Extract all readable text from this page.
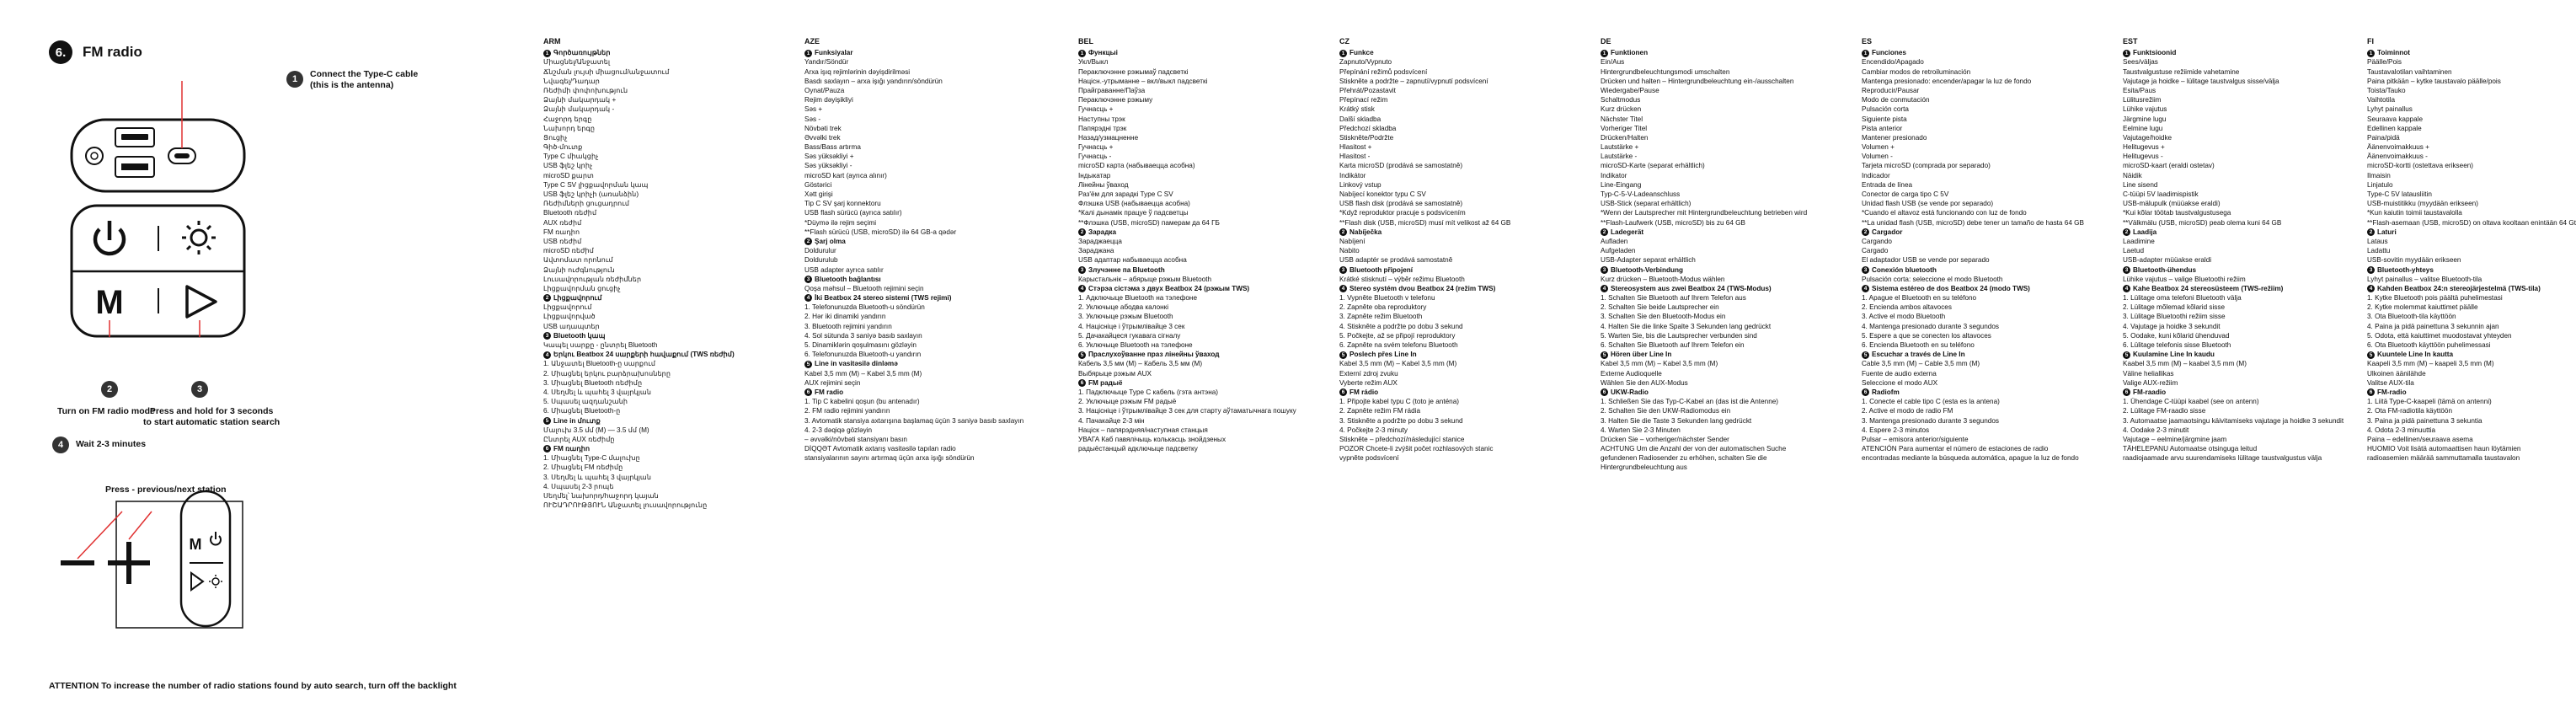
6.	FM radio
M
M
1	Connect the Type-C cable
(this is the antenna)
2
Turn on FM radio mode
3
Press and hold for 3 seconds
to start automatic station search
4	Wait 2-3 minutes
Press - previous/next station
ATTENTION To increase the number of radio stations found by auto search, turn off the backlight
ARM
1 Գործառույթներ
Միացնել/Անջատել
Ճնշման լույսի միացում/անջատում
Նվագել/Դադար
Ռեժիմի փոփոխություն
Ձայնի մակարդակ +
Ձայնի մակարդակ -
Հաջորդ երգը
Նախորդ երգը
Ցուցիչ
Գիծ-մուտք
Type C միակցիչ
USB ֆլեշ կրիչ
microSD քարտ
Type C SV լիցքավորման կապ
USB ֆլեշ կրիչի (առանձին)
Ռեժիմների ցուցադրում
Bluetooth ռեժիմ
AUX ռեժիմ
FM ռադիո
USB ռեժիմ
microSD ռեժիմ
Ավտոմատ որոնում
Ձայնի ուժգնություն
Լուսավորության ռեժիմներ
Լիցքավորման ցուցիչ
2 Լիցքավորում
Լիցքավորում
Լիցքավորված
USB ադապտեր
3 Bluetooth կապ
Կապել սարքը - ընտրել Bluetooth
4 Երկու Beatbox 24 սարքերի հավաքում (TWS ռեժիմ)
1. Անջատել Bluetooth-ը սարքում
2. Միացնել երկու բարձրախոսները
3. Միացնել Bluetooth ռեժիմը
4. Սեղմել և պահել 3 վայրկյան
5. Սպասել ազդանշանի
6. Միացնել Bluetooth-ը
5 Line in մուտք
Մալուխ 3.5 մմ (M) — 3.5 մմ (M)
Ընտրել AUX ռեժիմը
6 FM ռադիո
1. Միացնել Type-C մալուխը
2. Միացնել FM ռեժիմը
3. Սեղմել և պահել 3 վայրկյան
4. Սպասել 2-3 րոպե
Սեղմել՝ նախորդ/հաջորդ կայան
ՈՒՇԱԴՐՈՒԹՅՈՒՆ Անջատել լուսավորությունը
AZE
1 Funksiyalar
Yandır/Söndür
Arxa işıq rejimlərinin dəyişdirilməsi
Basdı saxlayın – arxa işığı yandırın/söndürün
Oynat/Pauza
Rejim dəyişikliyi
Səs +
Səs -
Növbəti trek
Əvvəlki trek
Bass/Bass artırma
Səs yüksəkliyi +
Səs yüksəkliyi -
microSD kart (ayrıca alınır)
Göstərici
Xətt girişi
Tip C SV şarj konnektoru
USB flash sürücü (ayrıca satılır)
*Düymə ilə rejim seçimi
**Flash sürücü (USB, microSD) ilə 64 GB-a qədər
2 Şarj olma
Doldurulur
Doldurulub
USB adapter ayrıca satılır
3 Bluetooth bağlantısı
Qoşa məhsul – Bluetooth rejimini seçin
4 İki Beatbox 24 stereo sistemi (TWS rejimi)
1. Telefonunuzda Bluetooth-u söndürün
2. Hər iki dinamiki yandırın
3. Bluetooth rejimini yandırın
4. Sol sütunda 3 saniyə basıb saxlayın
5. Dinamiklərin qoşulmasını gözləyin
6. Telefonunuzda Bluetooth-u yandırın
5 Line in vasitəsilə dinləmə
Kabel 3,5 mm (M) – Kabel 3,5 mm (M)
AUX rejimini seçin
6 FM radio
1. Tip C kabelini qoşun (bu antenadır)
2. FM radio rejimini yandırın
3. Avtomatik stansiya axtarışına başlamaq üçün 3 saniyə basıb saxlayın
4. 2-3 dəqiqə gözləyin
– əvvəlki/növbəti stansiyanı basın
DİQQƏT Avtomatik axtarış vasitəsilə tapılan radio
stansiyalarının sayını artırmaq üçün arxa işığı söndürün
BEL
1 Функцыі
Укл/Выкл
Пераключэнне рэжымаў падсветкі
Націсн.-утрыманне – вкл/выкл падсветкі
Прайграванне/Паўза
Пераключэнне рэжыму
Гучнасць +
Наступны трэк
Папярэдні трэк
Назад/узмацненне
Гучнасць +
Гучнасць -
microSD карта (набываецца асобна)
Індыкатар
Лінейны ўваход
Раз'ём для зарадкі Type C SV
Флэшка USB (набываецца асобна)
*Калі дынамік працуе ў падсветцы
**Флэшка (USB, microSD) памерам да 64 ГБ
2 Зарадка
Зараджаецца
Зараджана
USB адаптар набываецца асобна
3 Злучэнне па Bluetooth
Карыстальнік – абярыце рэжым Bluetooth
4 Стэрэа сістэма з двух Beatbox 24 (рэжым TWS)
1. Адключыце Bluetooth на тэлефоне
2. Уключыце абодва калонкі
3. Уключыце рэжым Bluetooth
4. Націсніце і ўтрымлівайце 3 сек
5. Дачакайцеся гукавага сігналу
6. Уключыце Bluetooth на тэлефоне
5 Праслухоўванне праз лінейны ўваход
Кабель 3,5 мм (M) – Кабель 3,5 мм (M)
Выбярыце рэжым AUX
6 FM радыё
1. Падключыце Type C кабель (гэта антэна)
2. Уключыце рэжым FM радыё
3. Націсніце і ўтрымлівайце 3 сек для старту аўтаматычнага пошуку
4. Пачакайце 2-3 мін
Націск – папярэдняя/наступная станцыя
УВАГА Каб павялічыць колькасць знойдзеных
радыёстанцый адключыце падсветку
CZ
1 Funkce
Zapnuto/Vypnuto
Přepínání režimů podsvícení
Stiskněte a podržte – zapnutí/vypnutí podsvícení
Přehrát/Pozastavit
Přepínací režim
Krátký stisk
Další skladba
Předchozí skladba
Stiskněte/Podržte
Hlasitost +
Hlasitost -
Karta microSD (prodává se samostatně)
Indikátor
Linkový vstup
Nabíjecí konektor typu C SV
USB flash disk (prodává se samostatně)
*Když reproduktor pracuje s podsvícením
**Flash disk (USB, microSD) musí mít velikost až 64 GB
2 Nabíječka
Nabíjení
Nabito
USB adaptér se prodává samostatně
3 Bluetooth připojení
Krátké stisknutí – výběr režimu Bluetooth
4 Stereo systém dvou Beatbox 24 (režim TWS)
1. Vypněte Bluetooth v telefonu
2. Zapněte oba reproduktory
3. Zapněte režim Bluetooth
4. Stiskněte a podržte po dobu 3 sekund
5. Počkejte, až se připojí reproduktory
6. Zapněte na svém telefonu Bluetooth
5 Poslech přes Line In
Kabel 3,5 mm (M) – Kabel 3,5 mm (M)
Externí zdroj zvuku
Vyberte režim AUX
6 FM rádio
1. Připojte kabel typu C (toto je anténa)
2. Zapněte režim FM rádia
3. Stiskněte a podržte po dobu 3 sekund
4. Počkejte 2-3 minuty
Stiskněte – předchozí/následující stanice
POZOR Chcete-li zvýšit počet rozhlasových stanic
vypněte podsvícení
DE
1 Funktionen
Ein/Aus
Hintergrundbeleuchtungsmodi umschalten
Drücken und halten – Hintergrundbeleuchtung ein-/ausschalten
Wiedergabe/Pause
Schaltmodus
Kurz drücken
Nächster Titel
Vorheriger Titel
Drücken/Halten
Lautstärke +
Lautstärke -
microSD-Karte (separat erhältlich)
Indikator
Line-Eingang
Typ-C-5-V-Ladeanschluss
USB-Stick (separat erhältlich)
*Wenn der Lautsprecher mit Hintergrundbeleuchtung betrieben wird
**Flash-Laufwerk (USB, microSD) bis zu 64 GB
2 Ladegerät
Aufladen
Aufgeladen
USB-Adapter separat erhältlich
3 Bluetooth-Verbindung
Kurz drücken – Bluetooth-Modus wählen
4 Stereosystem aus zwei Beatbox 24 (TWS-Modus)
1. Schalten Sie Bluetooth auf Ihrem Telefon aus
2. Schalten Sie beide Lautsprecher ein
3. Schalten Sie den Bluetooth-Modus ein
4. Halten Sie die linke Spalte 3 Sekunden lang gedrückt
5. Warten Sie, bis die Lautsprecher verbunden sind
6. Schalten Sie Bluetooth auf Ihrem Telefon ein
5 Hören über Line In
Kabel 3,5 mm (M) – Kabel 3,5 mm (M)
Externe Audioquelle
Wählen Sie den AUX-Modus
6 UKW-Radio
1. Schließen Sie das Typ-C-Kabel an (das ist die Antenne)
2. Schalten Sie den UKW-Radiomodus ein
3. Halten Sie die Taste 3 Sekunden lang gedrückt
4. Warten Sie 2-3 Minuten
Drücken Sie – vorheriger/nächster Sender
ACHTUNG Um die Anzahl der von der automatischen Suche
gefundenen Radiosender zu erhöhen, schalten Sie die
Hintergrundbeleuchtung aus
ES
1 Funciones
Encendido/Apagado
Cambiar modos de retroiluminación
Mantenga presionado: encender/apagar la luz de fondo
Reproducir/Pausar
Modo de conmutación
Pulsación corta
Siguiente pista
Pista anterior
Mantener presionado
Volumen +
Volumen -
Tarjeta microSD (comprada por separado)
Indicador
Entrada de línea
Conector de carga tipo C 5V
Unidad flash USB (se vende por separado)
*Cuando el altavoz está funcionando con luz de fondo
**La unidad flash (USB, microSD) debe tener un tamaño de hasta 64 GB
2 Cargador
Cargando
Cargado
El adaptador USB se vende por separado
3 Conexión bluetooth
Pulsación corta: seleccione el modo Bluetooth
4 Sistema estéreo de dos Beatbox 24 (modo TWS)
1. Apague el Bluetooth en su teléfono
2. Encienda ambos altavoces
3. Active el modo Bluetooth
4. Mantenga presionado durante 3 segundos
5. Espere a que se conecten los altavoces
6. Encienda Bluetooth en su teléfono
5 Escuchar a través de Line In
Cable 3,5 mm (M) – Cable 3,5 mm (M)
Fuente de audio externa
Seleccione el modo AUX
6 Radiofm
1. Conecte el cable tipo C (esta es la antena)
2. Active el modo de radio FM
3. Mantenga presionado durante 3 segundos
4. Espere 2-3 minutos
Pulsar – emisora anterior/siguiente
ATENCIÓN Para aumentar el número de estaciones de radio
encontradas mediante la búsqueda automática, apague la luz de fondo
EST
1 Funktsioonid
Sees/väljas
Taustvalgustuse režiimide vahetamine
Vajutage ja hoidke – lülitage taustvalgus sisse/välja
Esita/Paus
Lülitusrežiim
Lühike vajutus
Järgmine lugu
Eelmine lugu
Vajutage/hoidke
Helitugevus +
Helitugevus -
microSD-kaart (eraldi ostetav)
Näidik
Line sisend
C-tüüpi 5V laadimispistik
USB-mälupulk (müüakse eraldi)
*Kui kõlar töötab taustvalgustusega
**Välkmälu (USB, microSD) peab olema kuni 64 GB
2 Laadija
Laadimine
Laetud
USB-adapter müüakse eraldi
3 Bluetooth-ühendus
Lühike vajutus – valige Bluetoothi režiim
4 Kahe Beatbox 24 stereosüsteem (TWS-režiim)
1. Lülitage oma telefoni Bluetooth välja
2. Lülitage mõlemad kõlarid sisse
3. Lülitage Bluetoothi režiim sisse
4. Vajutage ja hoidke 3 sekundit
5. Oodake, kuni kõlarid ühenduvad
6. Lülitage telefonis sisse Bluetooth
5 Kuulamine Line In kaudu
Kaabel 3,5 mm (M) – kaabel 3,5 mm (M)
Väline heliallikas
Valige AUX-režiim
6 FM-raadio
1. Ühendage C-tüüpi kaabel (see on antenn)
2. Lülitage FM-raadio sisse
3. Automaatse jaamaotsingu käivitamiseks vajutage ja hoidke 3 sekundit
4. Oodake 2-3 minutit
Vajutage – eelmine/järgmine jaam
TÄHELEPANU Automaatse otsinguga leitud
raadiojaamade arvu suurendamiseks lülitage taustvalgustus välja
FI
1 Toiminnot
Päälle/Pois
Taustavalotilan vaihtaminen
Paina pitkään – kytke taustavalo päälle/pois
Toista/Tauko
Vaihtotila
Lyhyt painallus
Seuraava kappale
Edellinen kappale
Paina/pidä
Äänenvoimakkuus +
Äänenvoimakkuus -
microSD-kortti (ostettava erikseen)
Ilmaisin
Linjatulo
Type-C 5V latausliitin
USB-muistitikku (myydään erikseen)
*Kun kaiutin toimii taustavalolla
**Flash-asemaan (USB, microSD) on oltava kooltaan enintään 64 Gt
2 Laturi
Lataus
Ladattu
USB-sovitin myydään erikseen
3 Bluetooth-yhteys
Lyhyt painallus – valitse Bluetooth-tila
4 Kahden Beatbox 24:n stereojärjestelmä (TWS-tila)
1. Kytke Bluetooth pois päältä puhelimestasi
2. Kytke molemmat kaiuttimet päälle
3. Ota Bluetooth-tila käyttöön
4. Paina ja pidä painettuna 3 sekunnin ajan
5. Odota, että kaiuttimet muodostavat yhteyden
6. Ota Bluetooth käyttöön puhelimessasi
5 Kuuntele Line In kautta
Kaapeli 3,5 mm (M) – kaapeli 3,5 mm (M)
Ulkoinen äänilähde
Valitse AUX-tila
6 FM-radio
1. Liitä Type-C-kaapeli (tämä on antenni)
2. Ota FM-radiotila käyttöön
3. Paina ja pidä painettuna 3 sekuntia
4. Odota 2-3 minuuttia
Paina – edellinen/seuraava asema
HUOMIO Voit lisätä automaattisen haun löytämien
radioasemien määrää sammuttamalla taustavalon
